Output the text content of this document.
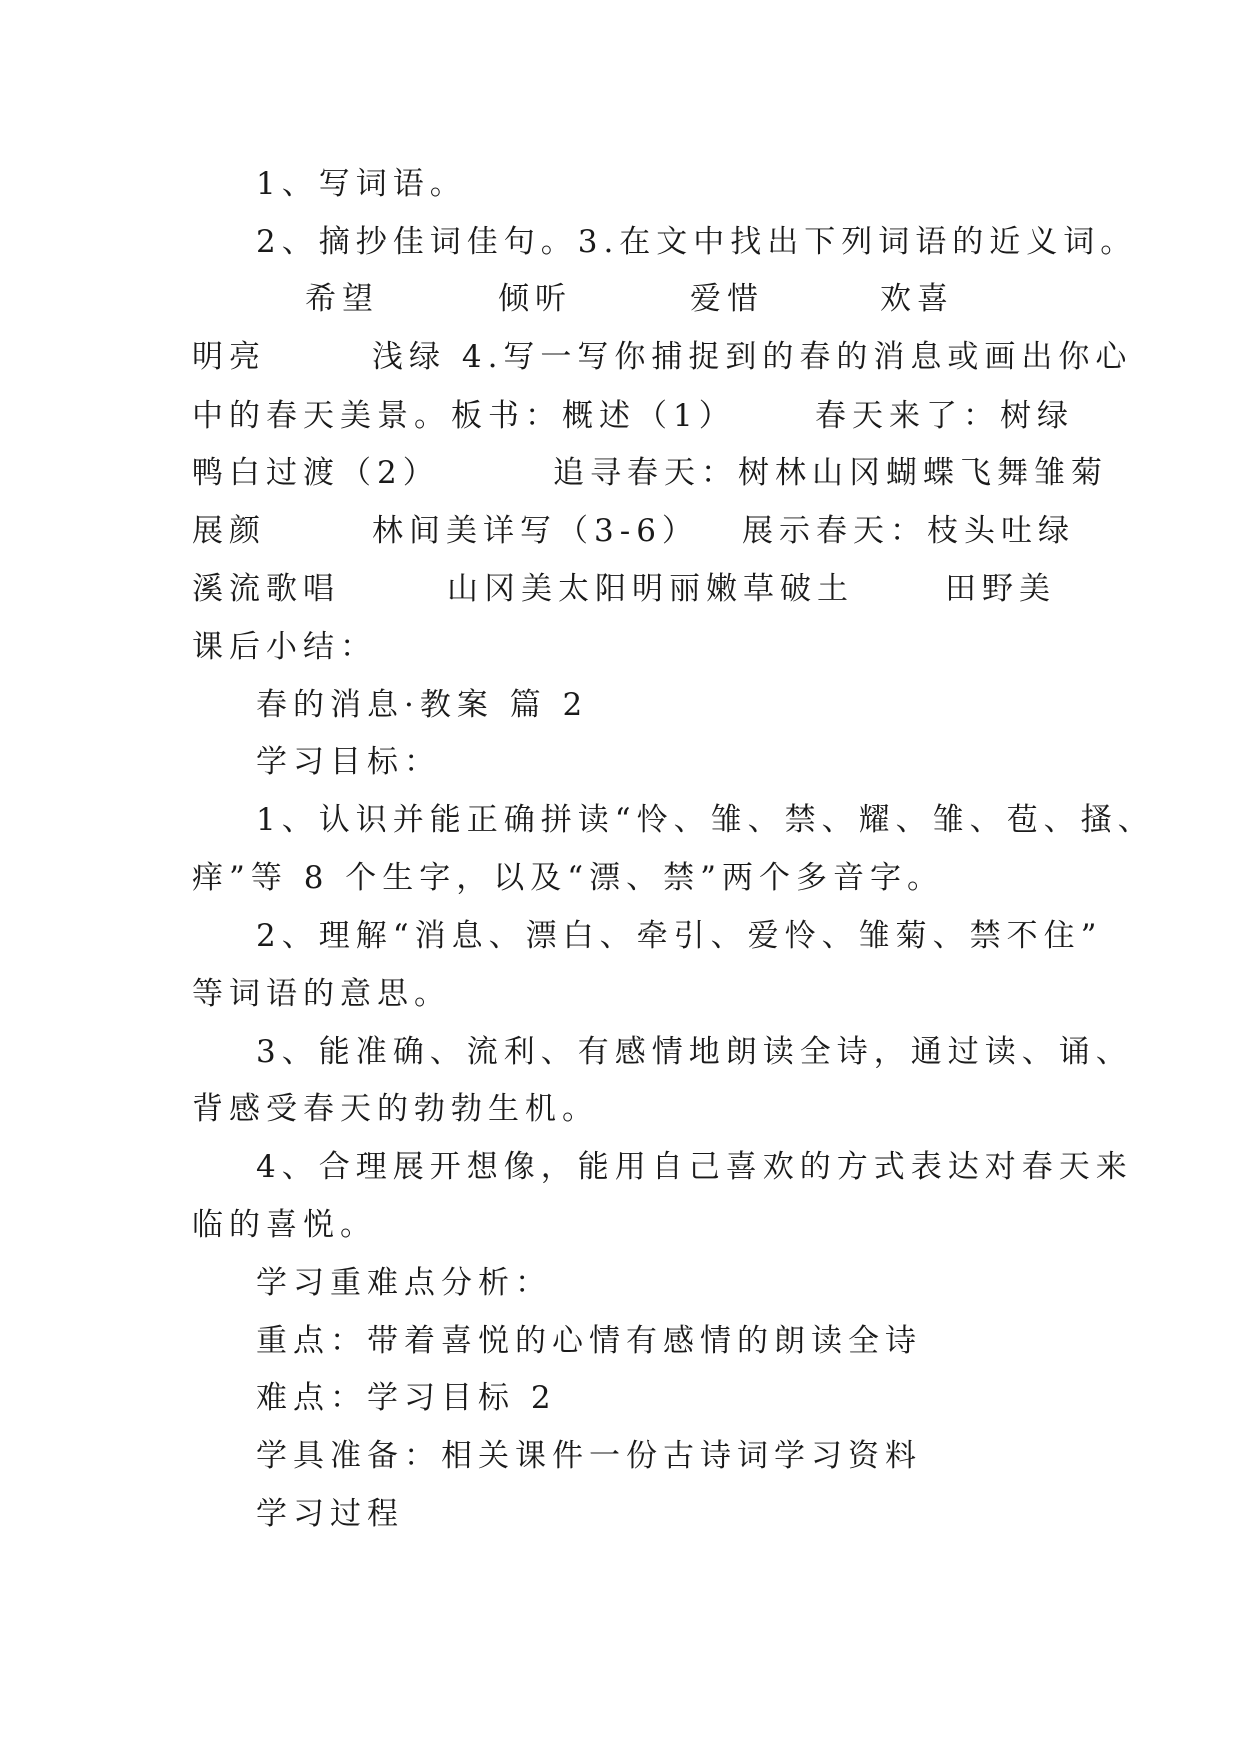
1、写词语。
2、摘抄佳词佳句。3.在文中找出下列词语的近义词。
希望	倾听	爱惜	欢喜
明亮	浅绿 4.写一写你捕捉到的春的消息或画出你心
中的春天美景。板书：概述（1）	春天来了：树绿
鸭白过渡（2）	追寻春天：树林山冈蝴蝶飞舞雏菊
展颜	林间美详写（3-6） 展示春天：枝头吐绿
溪流歌唱	山冈美太阳明丽嫩草破土	田野美
课后小结：
春的消息·教案 篇 2
学习目标：
1、认识并能正确拼读“怜、雏、禁、耀、雏、苞、搔、
痒”等 8 个生字，以及“漂、禁”两个多音字。
2、理解“消息、漂白、牵引、爱怜、雏菊、禁不住”
等词语的意思。
3、能准确、流利、有感情地朗读全诗，通过读、诵、
背感受春天的勃勃生机。
4、合理展开想像，能用自己喜欢的方式表达对春天来
临的喜悦。
学习重难点分析：
重点：带着喜悦的心情有感情的朗读全诗
难点：学习目标 2
学具准备：相关课件一份古诗词学习资料
学习过程
